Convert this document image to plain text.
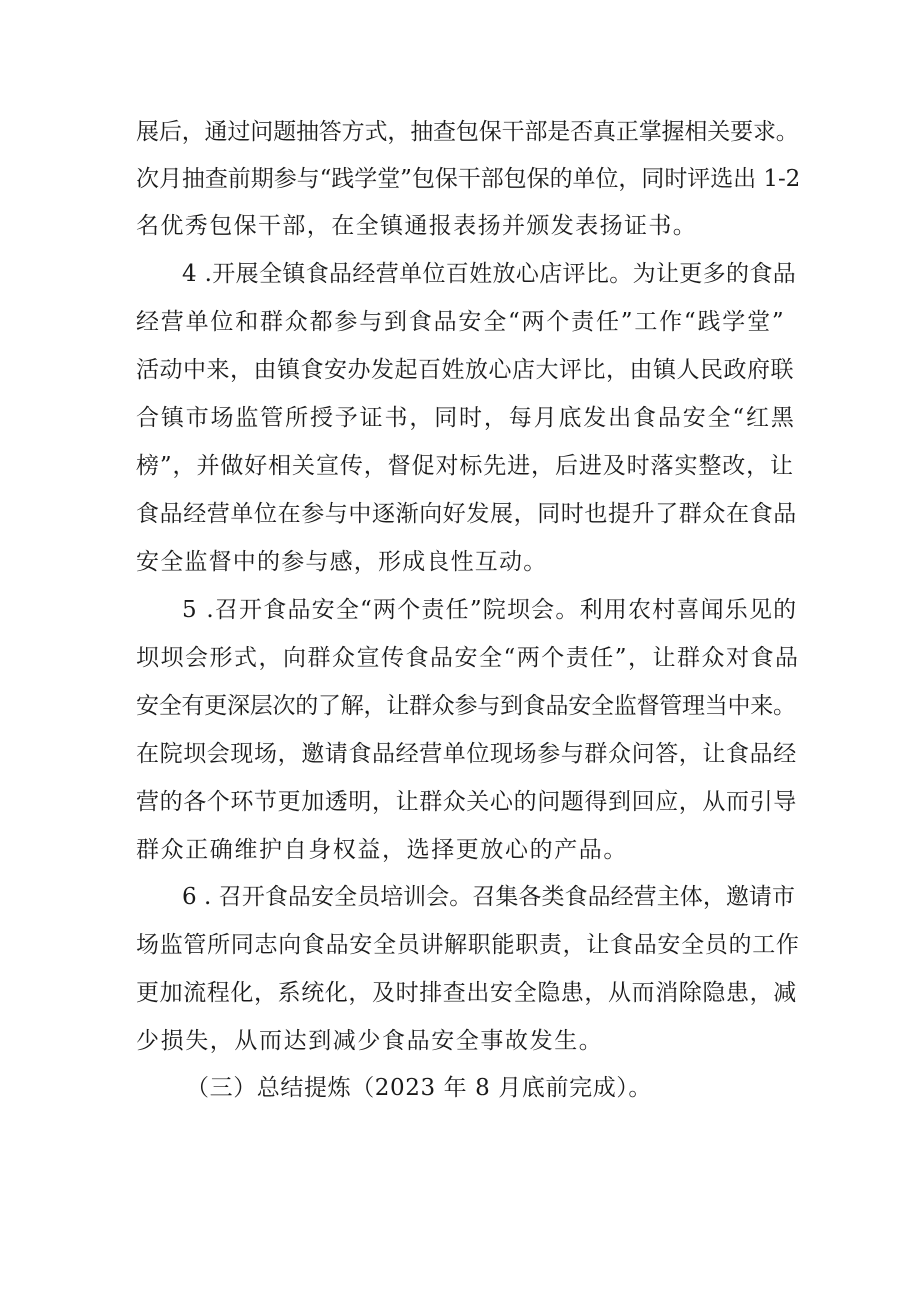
展后，通过问题抽答方式，抽查包保干部是否真正掌握相关要求。
次月抽查前期参与“践学堂”包保干部包保的单位，同时评选出 1-2
名优秀包保干部，在全镇通报表扬并颁发表扬证书。
4 .开展全镇食品经营单位百姓放心店评比。为让更多的食品
经营单位和群众都参与到食品安全“两个责任”工作“践学堂”
活动中来，由镇食安办发起百姓放心店大评比，由镇人民政府联
合镇市场监管所授予证书，同时，每月底发出食品安全“红黑
榜”，并做好相关宣传，督促对标先进，后进及时落实整改，让
食品经营单位在参与中逐渐向好发展，同时也提升了群众在食品
安全监督中的参与感，形成良性互动。
5 .召开食品安全“两个责任”院坝会。利用农村喜闻乐见的
坝坝会形式，向群众宣传食品安全“两个责任”，让群众对食品
安全有更深层次的了解，让群众参与到食品安全监督管理当中来。
在院坝会现场，邀请食品经营单位现场参与群众问答，让食品经
营的各个环节更加透明，让群众关心的问题得到回应，从而引导
群众正确维护自身权益，选择更放心的产品。
6 . 召开食品安全员培训会。召集各类食品经营主体，邀请市
场监管所同志向食品安全员讲解职能职责，让食品安全员的工作
更加流程化，系统化，及时排查出安全隐患，从而消除隐患，减
少损失，从而达到减少食品安全事故发生。
（三）总结提炼（2023 年 8 月底前完成）。
